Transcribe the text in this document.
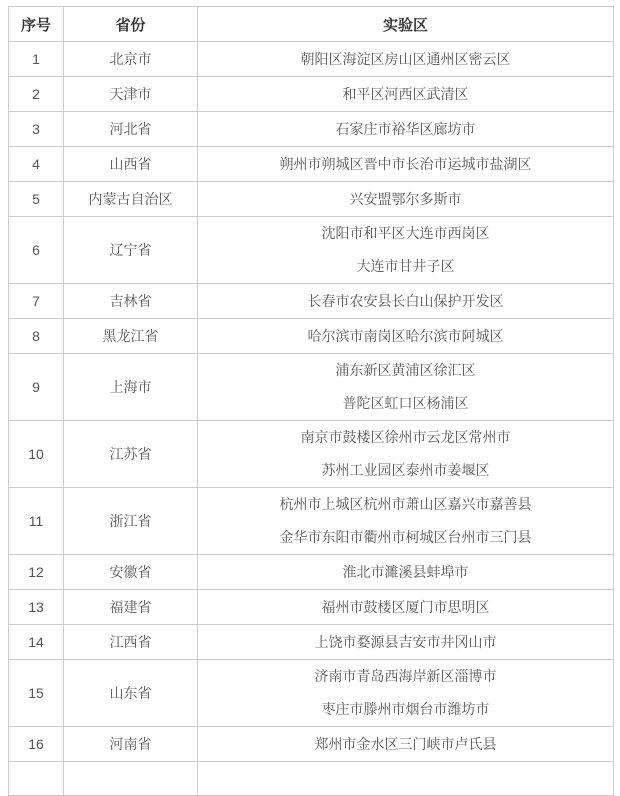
序号	省份	实验区
1	北京市	朝阳区海淀区房山区通州区密云区

2	天津市	和平区河西区武清区

3	河北省	石家庄市裕华区廊坊市

4	山西省	朔州市朔城区晋中市长治市运城市盐湖区

5	内蒙古自治区	兴安盟鄂尔多斯市

6	辽宁省	沈阳市和平区大连市西岗区
大连市甘井子区

7	吉林省	长春市农安县长白山保护开发区

8	黑龙江省	哈尔滨市南岗区哈尔滨市阿城区

9	上海市	浦东新区黄浦区徐汇区
普陀区虹口区杨浦区

10	江苏省	南京市鼓楼区徐州市云龙区常州市
苏州工业园区泰州市姜堰区

11	浙江省	杭州市上城区杭州市萧山区嘉兴市嘉善县
金华市东阳市衢州市柯城区台州市三门县

12	安徽省	淮北市濉溪县蚌埠市

13	福建省	福州市鼓楼区厦门市思明区

14	江西省	上饶市婺源县吉安市井冈山市

15	山东省	济南市青岛西海岸新区淄博市
枣庄市滕州市烟台市潍坊市

16	河南省	郑州市金水区三门峡市卢氏县
